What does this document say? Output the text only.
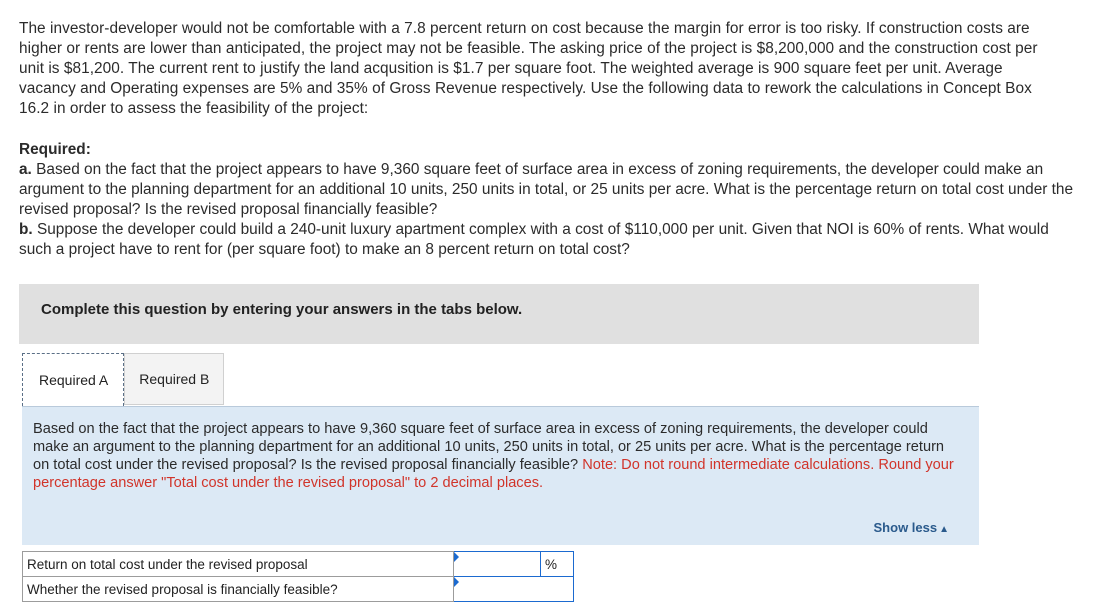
The investor-developer would not be comfortable with a 7.8 percent return on cost because the margin for error is too risky. If construction costs are higher or rents are lower than anticipated, the project may not be feasible. The asking price of the project is $8,200,000 and the construction cost per unit is $81,200. The current rent to justify the land acqusition is $1.7 per square foot. The weighted average is 900 square feet per unit. Average vacancy and Operating expenses are 5% and 35% of Gross Revenue respectively. Use the following data to rework the calculations in Concept Box 16.2 in order to assess the feasibility of the project:

Required:

a. Based on the fact that the project appears to have 9,360 square feet of surface area in excess of zoning requirements, the developer could make an argument to the planning department for an additional 10 units, 250 units in total, or 25 units per acre. What is the percentage return on total cost under the revised proposal? Is the revised proposal financially feasible?

b. Suppose the developer could build a 240-unit luxury apartment complex with a cost of $110,000 per unit. Given that NOI is 60% of rents. What would such a project have to rent for (per square foot) to make an 8 percent return on total cost?

Complete this question by entering your answers in the tabs below.
Required A Required B
Based on the fact that the project appears to have 9,360 square feet of surface area in excess of zoning requirements, the developer could make an argument to the planning department for an additional 10 units, 250 units in total, or 25 units per acre. What is the percentage return on total cost under the revised proposal? Is the revised proposal financially feasible? Note: Do not round intermediate calculations. Round your percentage answer "Total cost under the revised proposal" to 2 decimal places.
Show less ▲
Return on total cost under the revised proposal		%
Whether the revised proposal is financially feasible?	
